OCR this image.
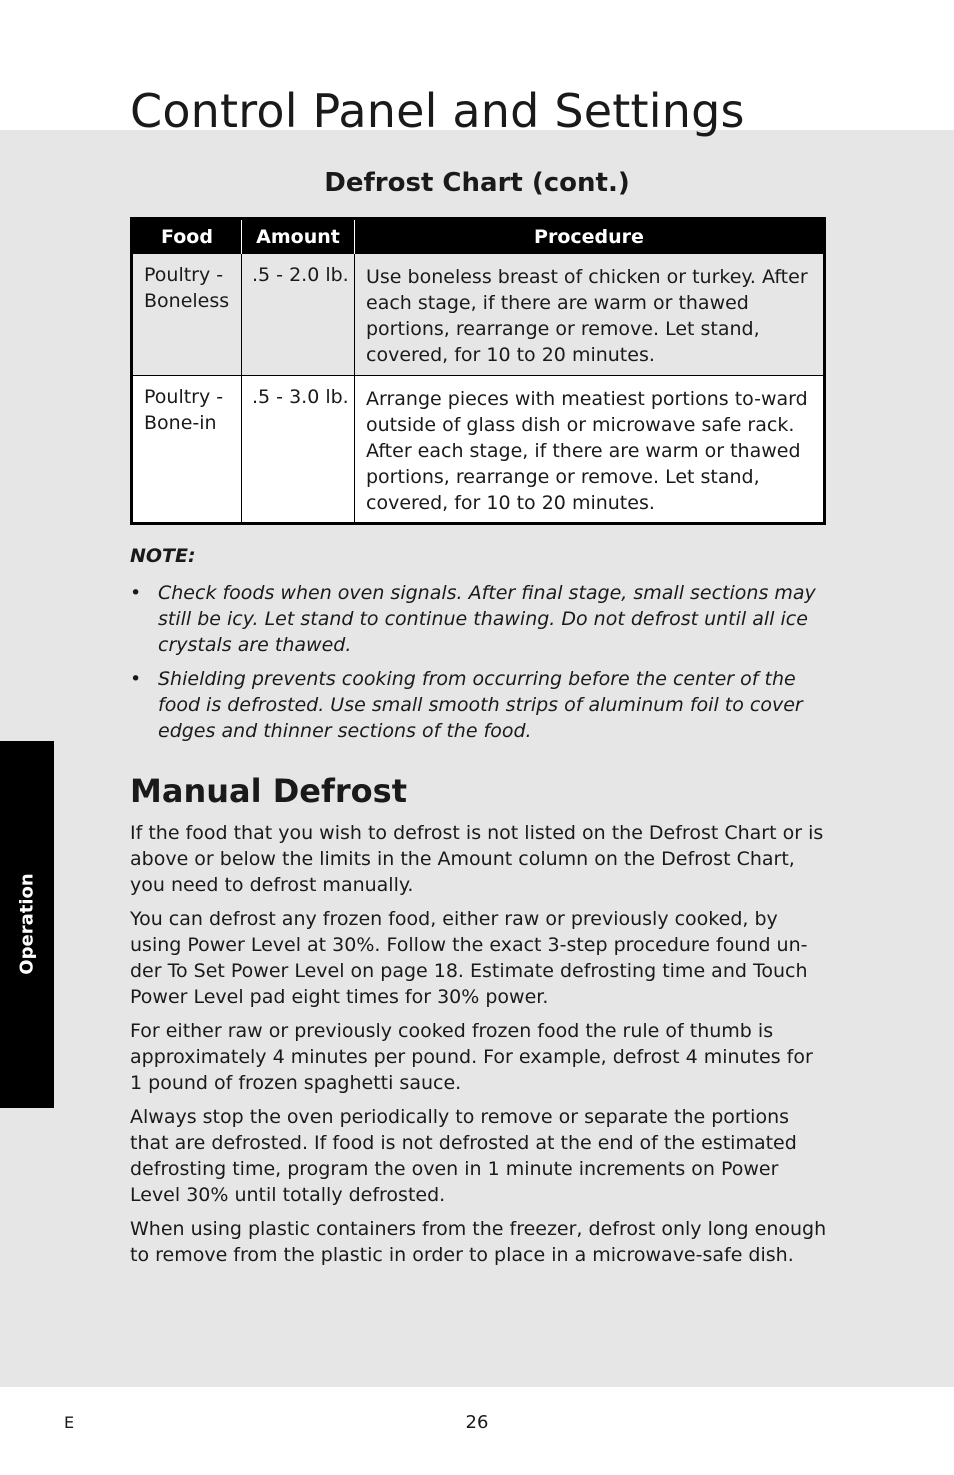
Control Panel and Settings
Defrost Chart (cont.)
Food	Amount	Procedure
Poultry - Boneless	.5 - 2.0 lb.	Use boneless breast of chicken or turkey. After each stage, if there are warm or thawed portions, rearrange or remove. Let stand, covered, for 10 to 20 minutes.
Poultry - Bone-in	.5 - 3.0 lb.	Arrange pieces with meatiest portions to-ward outside of glass dish or microwave safe rack. After each stage, if there are warm or thawed portions, rearrange or remove. Let stand, covered, for 10 to 20 minutes.
NOTE:
• Check foods when oven signals. After final stage, small sections may still be icy. Let stand to continue thawing. Do not defrost until all ice crystals are thawed.
• Shielding prevents cooking from occurring before the center of the food is defrosted. Use small smooth strips of aluminum foil to cover edges and thinner sections of the food.
Manual Defrost

If the food that you wish to defrost is not listed on the Defrost Chart or is above or below the limits in the Amount column on the Defrost Chart, you need to defrost manually.

You can defrost any frozen food, either raw or previously cooked, by using Power Level at 30%. Follow the exact 3-step procedure found un-der To Set Power Level on page 18. Estimate defrosting time and Touch Power Level pad eight times for 30% power.

For either raw or previously cooked frozen food the rule of thumb is approximately 4 minutes per pound. For example, defrost 4 minutes for 1 pound of frozen spaghetti sauce.

Always stop the oven periodically to remove or separate the portions that are defrosted. If food is not defrosted at the end of the estimated defrosting time, program the oven in 1 minute increments on Power Level 30% until totally defrosted.

When using plastic containers from the freezer, defrost only long enough to remove from the plastic in order to place in a microwave-safe dish.

Operation
E	26
